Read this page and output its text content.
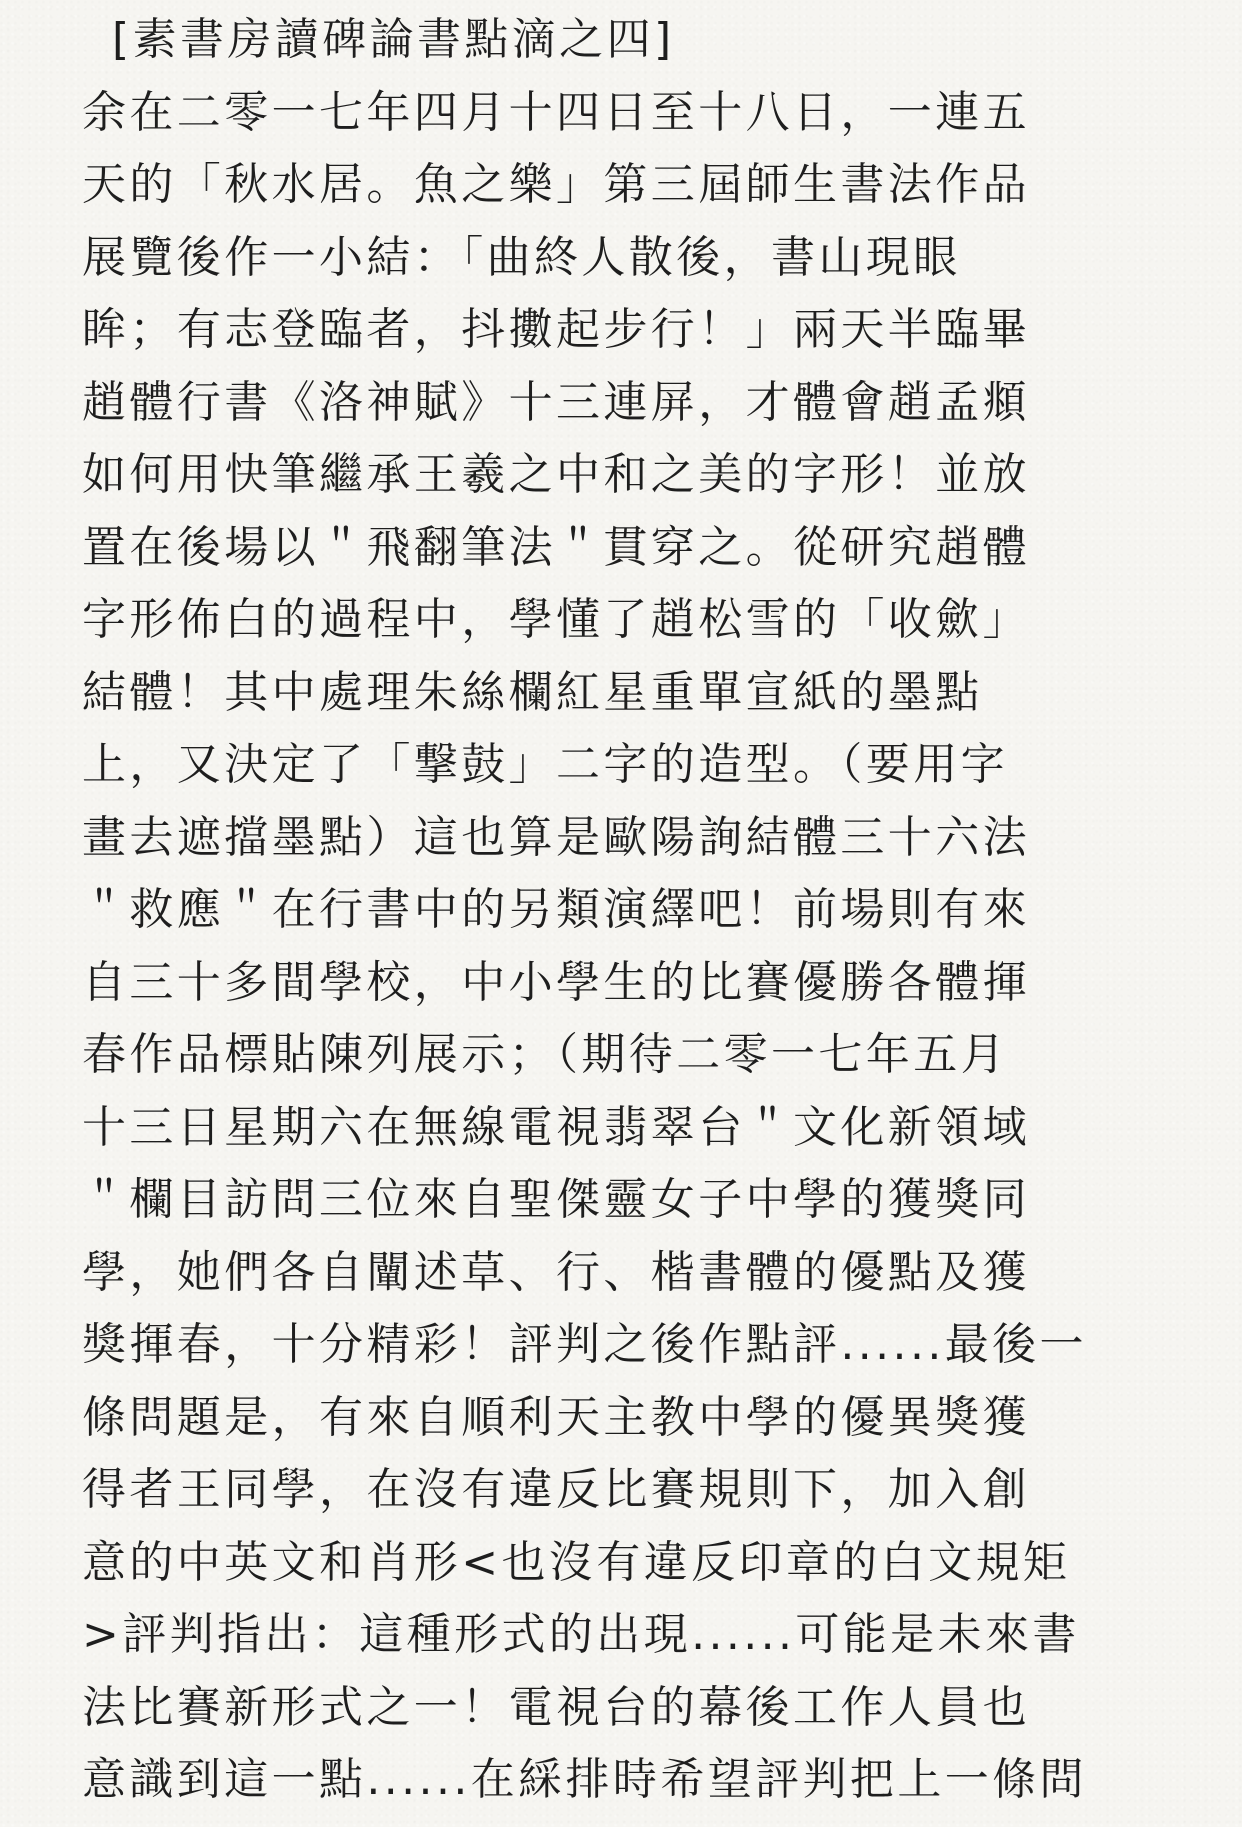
[素書房讀碑論書點滴之四]
余在二零一七年四月十四日至十八日，一連五
天的「秋水居。魚之樂」第三屆師生書法作品
展覽後作一小結：「曲終人散後，書山現眼
眸；有志登臨者，抖擻起步行！」兩天半臨畢
趙體行書《洛神賦》十三連屏，才體會趙孟頫
如何用快筆繼承王羲之中和之美的字形！並放
置在後場以＂飛翻筆法＂貫穿之。從研究趙體
字形佈白的過程中，學懂了趙松雪的「收歛」
結體！其中處理朱絲欄紅星重單宣紙的墨點
上，又決定了「撃鼓」二字的造型。（要用字
畫去遮擋墨點）這也算是歐陽詢結體三十六法
＂救應＂在行書中的另類演繹吧！前場則有來
自三十多間學校，中小學生的比賽優勝各體揮
春作品標貼陳列展示；（期待二零一七年五月
十三日星期六在無線電視翡翠台＂文化新領域
＂欄目訪問三位來自聖傑靈女子中學的獲獎同
學，她們各自闡述草、行、楷書體的優點及獲
獎揮春，十分精彩！評判之後作點評......最後一
條問題是，有來自順利天主教中學的優異獎獲
得者王同學，在沒有違反比賽規則下，加入創
意的中英文和肖形<也沒有違反印章的白文規矩
>評判指出：這種形式的出現......可能是未來書
法比賽新形式之一！電視台的幕後工作人員也
意識到這一點......在綵排時希望評判把上一條問
